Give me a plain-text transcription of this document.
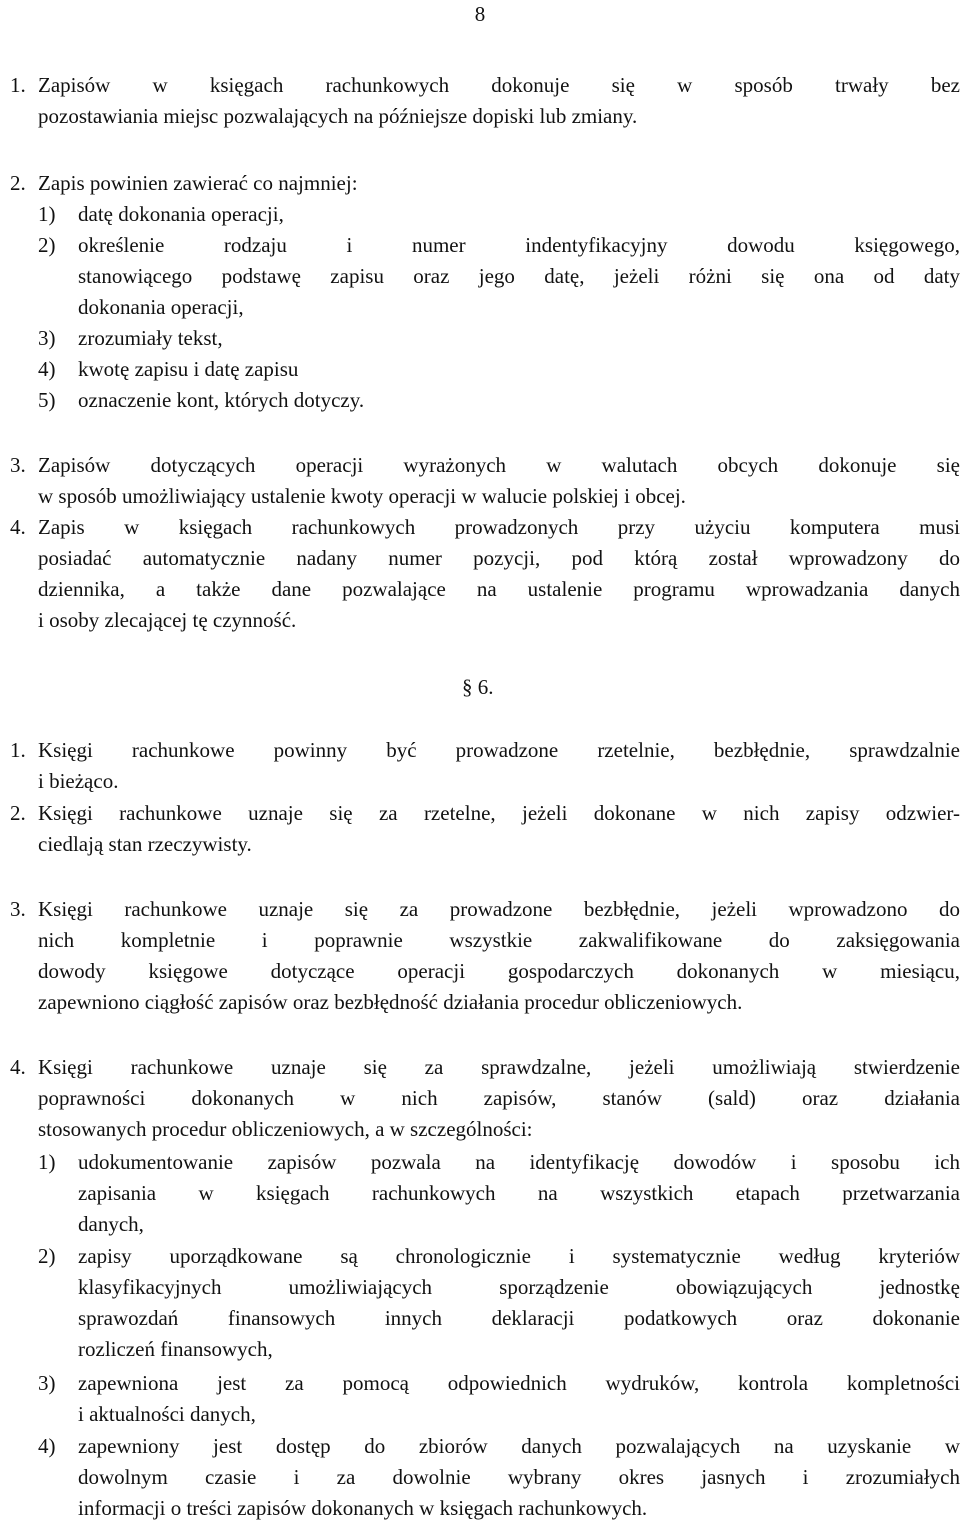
8
1. Zapisów w księgach rachunkowych dokonuje się w sposób trwały bez
pozostawiania miejsc pozwalających na późniejsze dopiski lub zmiany.
2. Zapis powinien zawierać co najmniej:
1) datę dokonania operacji,
2) określenie rodzaju i numer indentyfikacyjny dowodu księgowego,
stanowiącego podstawę zapisu oraz jego datę, jeżeli różni się ona od daty
dokonania operacji,
3) zrozumiały tekst,
4) kwotę zapisu i datę zapisu
5) oznaczenie kont, których dotyczy.
3. Zapisów dotyczących operacji wyrażonych w walutach obcych dokonuje się
w sposób umożliwiający ustalenie kwoty operacji w walucie polskiej i obcej.
4. Zapis w księgach rachunkowych prowadzonych przy użyciu komputera musi
posiadać automatycznie nadany numer pozycji, pod którą został wprowadzony do
dziennika, a także dane pozwalające na ustalenie programu wprowadzania danych
i osoby zlecającej tę czynność.
§ 6.
1. Księgi rachunkowe powinny być prowadzone rzetelnie, bezbłędnie, sprawdzalnie
i bieżąco.
2. Księgi rachunkowe uznaje się za rzetelne, jeżeli dokonane w nich zapisy odzwier-
ciedlają stan rzeczywisty.
3. Księgi rachunkowe uznaje się za prowadzone bezbłędnie, jeżeli wprowadzono do
nich kompletnie i poprawnie wszystkie zakwalifikowane do zaksięgowania
dowody księgowe dotyczące operacji gospodarczych dokonanych w miesiącu,
zapewniono ciągłość zapisów oraz bezbłędność działania procedur obliczeniowych.
4. Księgi rachunkowe uznaje się za sprawdzalne, jeżeli umożliwiają stwierdzenie
poprawności dokonanych w nich zapisów, stanów (sald) oraz działania
stosowanych procedur obliczeniowych, a w szczególności:
1) udokumentowanie zapisów pozwala na identyfikację dowodów i sposobu ich
zapisania w księgach rachunkowych na wszystkich etapach przetwarzania
danych,
2) zapisy uporządkowane są chronologicznie i systematycznie według kryteriów
klasyfikacyjnych umożliwiających sporządzenie obowiązujących jednostkę
sprawozdań finansowych innych deklaracji podatkowych oraz dokonanie
rozliczeń finansowych,
3) zapewniona jest za pomocą odpowiednich wydruków, kontrola kompletności
i aktualności danych,
4) zapewniony jest dostęp do zbiorów danych pozwalających na uzyskanie w
dowolnym czasie i za dowolnie wybrany okres jasnych i zrozumiałych
informacji o treści zapisów dokonanych w księgach rachunkowych.
